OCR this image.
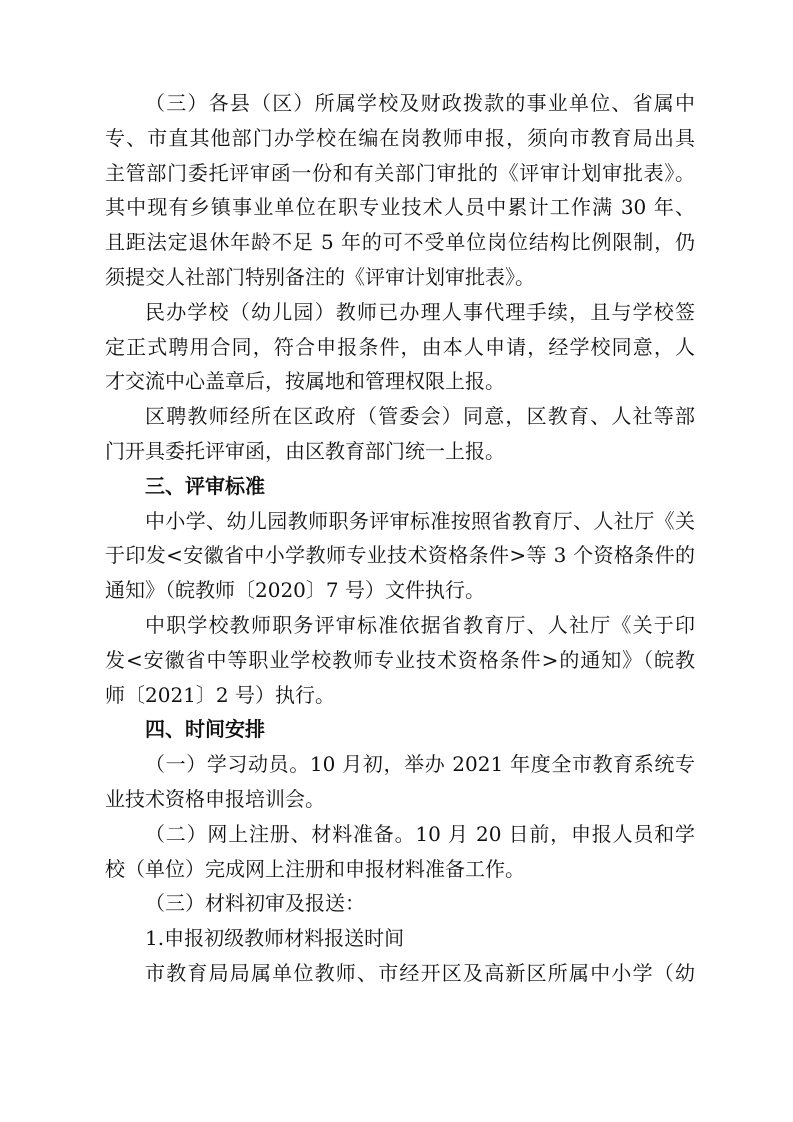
（三）各县（区）所属学校及财政拨款的事业单位、省属中
专、市直其他部门办学校在编在岗教师申报，须向市教育局出具
主管部门委托评审函一份和有关部门审批的《评审计划审批表》。
其中现有乡镇事业单位在职专业技术人员中累计工作满 30 年、
且距法定退休年龄不足 5 年的可不受单位岗位结构比例限制，仍
须提交人社部门特别备注的《评审计划审批表》。
民办学校（幼儿园）教师已办理人事代理手续，且与学校签
定正式聘用合同，符合申报条件，由本人申请，经学校同意，人
才交流中心盖章后，按属地和管理权限上报。
区聘教师经所在区政府（管委会）同意，区教育、人社等部
门开具委托评审函，由区教育部门统一上报。
三、评审标准
中小学、幼儿园教师职务评审标准按照省教育厅、人社厅《关
于印发<安徽省中小学教师专业技术资格条件>等 3 个资格条件的
通知》（皖教师〔2020〕7 号）文件执行。
中职学校教师职务评审标准依据省教育厅、人社厅《关于印
发<安徽省中等职业学校教师专业技术资格条件>的通知》（皖教
师〔2021〕2 号）执行。
四、时间安排
（一）学习动员。10 月初，举办 2021 年度全市教育系统专
业技术资格申报培训会。
（二）网上注册、材料准备。10 月 20 日前，申报人员和学
校（单位）完成网上注册和申报材料准备工作。
（三）材料初审及报送：
1.申报初级教师材料报送时间
市教育局局属单位教师、市经开区及高新区所属中小学（幼
